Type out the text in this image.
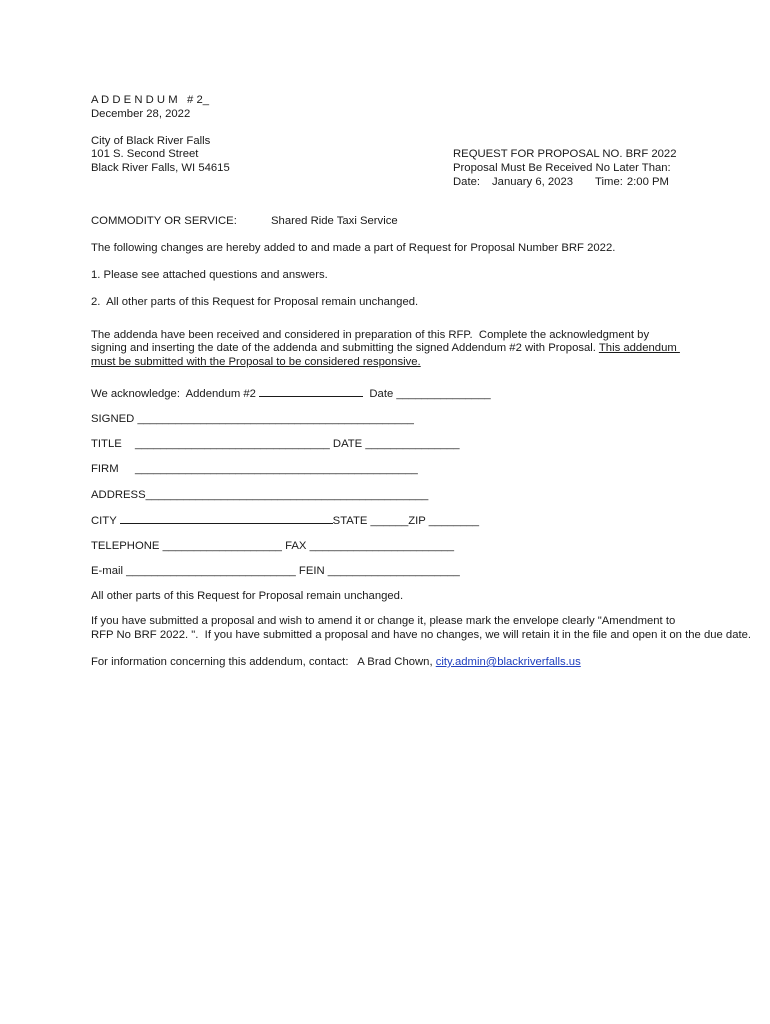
A D D E N D U M   # 2_
December 28, 2022
City of Black River Falls
101 S. Second Street
Black River Falls, WI 54615
REQUEST FOR PROPOSAL NO. BRF 2022
Proposal Must Be Received No Later Than:
Date: January 6, 2023 Time: 2:00 PM
COMMODITY OR SERVICE:	Shared Ride Taxi Service
The following changes are hereby added to and made a part of Request for Proposal Number BRF 2022.
1. Please see attached questions and answers.
2.  All other parts of this Request for Proposal remain unchanged.
The addenda have been received and considered in preparation of this RFP.  Complete the acknowledgment by
signing and inserting the date of the addenda and submitting the signed Addendum #2 with Proposal. This addendum
must be submitted with the Proposal to be considered responsive.
We acknowledge:  Addendum #2	Date _______________
SIGNED ____________________________________________
TITLE _______________________________ DATE _______________
FIRM _____________________________________________
ADDRESS_____________________________________________
CITY	STATE ______ZIP ________
TELEPHONE ___________________ FAX _______________________
E-mail ___________________________ FEIN _____________________
All other parts of this Request for Proposal remain unchanged.
If you have submitted a proposal and wish to amend it or change it, please mark the envelope clearly "Amendment to
RFP No BRF 2022. ".  If you have submitted a proposal and have no changes, we will retain it in the file and open it on the due date.
For information concerning this addendum, contact:   A Brad Chown, city.admin@blackriverfalls.us
